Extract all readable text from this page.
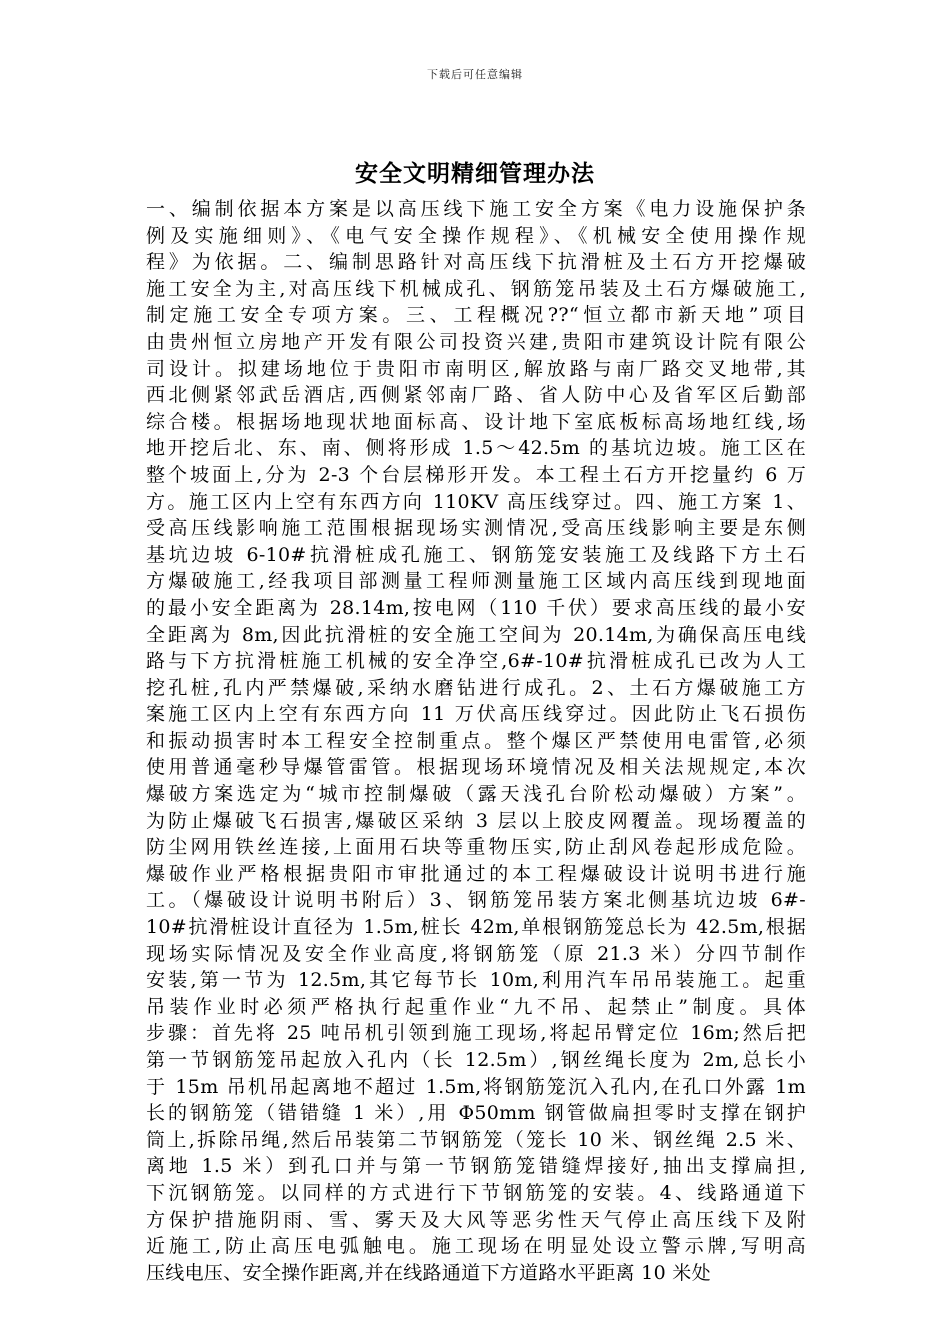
下载后可任意编辑
安全文明精细管理办法
一、编制依据本方案是以高压线下施工安全方案《电力设施保护条
例及实施细则》、《电气安全操作规程》、《机械安全使用操作规
程》为依据。二、编制思路针对高压线下抗滑桩及土石方开挖爆破
施工安全为主,对高压线下机械成孔、钢筋笼吊装及土石方爆破施工,
制定施工安全专项方案。三、工程概况??“恒立都市新天地”项目
由贵州恒立房地产开发有限公司投资兴建,贵阳市建筑设计院有限公
司设计。拟建场地位于贵阳市南明区,解放路与南厂路交叉地带,其
西北侧紧邻武岳酒店,西侧紧邻南厂路、省人防中心及省军区后勤部
综合楼。根据场地现状地面标高、设计地下室底板标高场地红线,场
地开挖后北、东、南、侧将形成 1.5～42.5m 的基坑边坡。施工区在
整个坡面上,分为 2-3 个台层梯形开发。本工程土石方开挖量约 6 万
方。施工区内上空有东西方向 110KV 高压线穿过。四、施工方案 1、
受高压线影响施工范围根据现场实测情况,受高压线影响主要是东侧
基坑边坡 6-10#抗滑桩成孔施工、钢筋笼安装施工及线路下方土石
方爆破施工,经我项目部测量工程师测量施工区域内高压线到现地面
的最小安全距离为 28.14m,按电网（110 千伏）要求高压线的最小安
全距离为 8m,因此抗滑桩的安全施工空间为 20.14m,为确保高压电线
路与下方抗滑桩施工机械的安全净空,6#-10#抗滑桩成孔已改为人工
挖孔桩,孔内严禁爆破,采纳水磨钻进行成孔。2、土石方爆破施工方
案施工区内上空有东西方向 11 万伏高压线穿过。因此防止飞石损伤
和振动损害时本工程安全控制重点。整个爆区严禁使用电雷管,必须
使用普通毫秒导爆管雷管。根据现场环境情况及相关法规规定,本次
爆破方案选定为“城市控制爆破（露天浅孔台阶松动爆破）方案”。
为防止爆破飞石损害,爆破区采纳 3 层以上胶皮网覆盖。现场覆盖的
防尘网用铁丝连接,上面用石块等重物压实,防止刮风卷起形成危险。
爆破作业严格根据贵阳市审批通过的本工程爆破设计说明书进行施
工。（爆破设计说明书附后）3、钢筋笼吊装方案北侧基坑边坡 6#-
10#抗滑桩设计直径为 1.5m,桩长 42m,单根钢筋笼总长为 42.5m,根据
现场实际情况及安全作业高度,将钢筋笼（原 21.3 米）分四节制作
安装,第一节为 12.5m,其它每节长 10m,利用汽车吊吊装施工。起重
吊装作业时必须严格执行起重作业“九不吊、起禁止”制度。具体
步骤：首先将 25 吨吊机引领到施工现场,将起吊臂定位 16m;然后把
第一节钢筋笼吊起放入孔内（长 12.5m）,钢丝绳长度为 2m,总长小
于 15m 吊机吊起离地不超过 1.5m,将钢筋笼沉入孔内,在孔口外露 1m
长的钢筋笼（错错缝 1 米）,用 Φ50mm 钢管做扁担零时支撑在钢护
筒上,拆除吊绳,然后吊装第二节钢筋笼（笼长 10 米、钢丝绳 2.5 米、
离地 1.5 米）到孔口并与第一节钢筋笼错缝焊接好,抽出支撑扁担,
下沉钢筋笼。以同样的方式进行下节钢筋笼的安装。4、线路通道下
方保护措施阴雨、雪、雾天及大风等恶劣性天气停止高压线下及附
近施工,防止高压电弧触电。施工现场在明显处设立警示牌,写明高
压线电压、安全操作距离,并在线路通道下方道路水平距离 10 米处
